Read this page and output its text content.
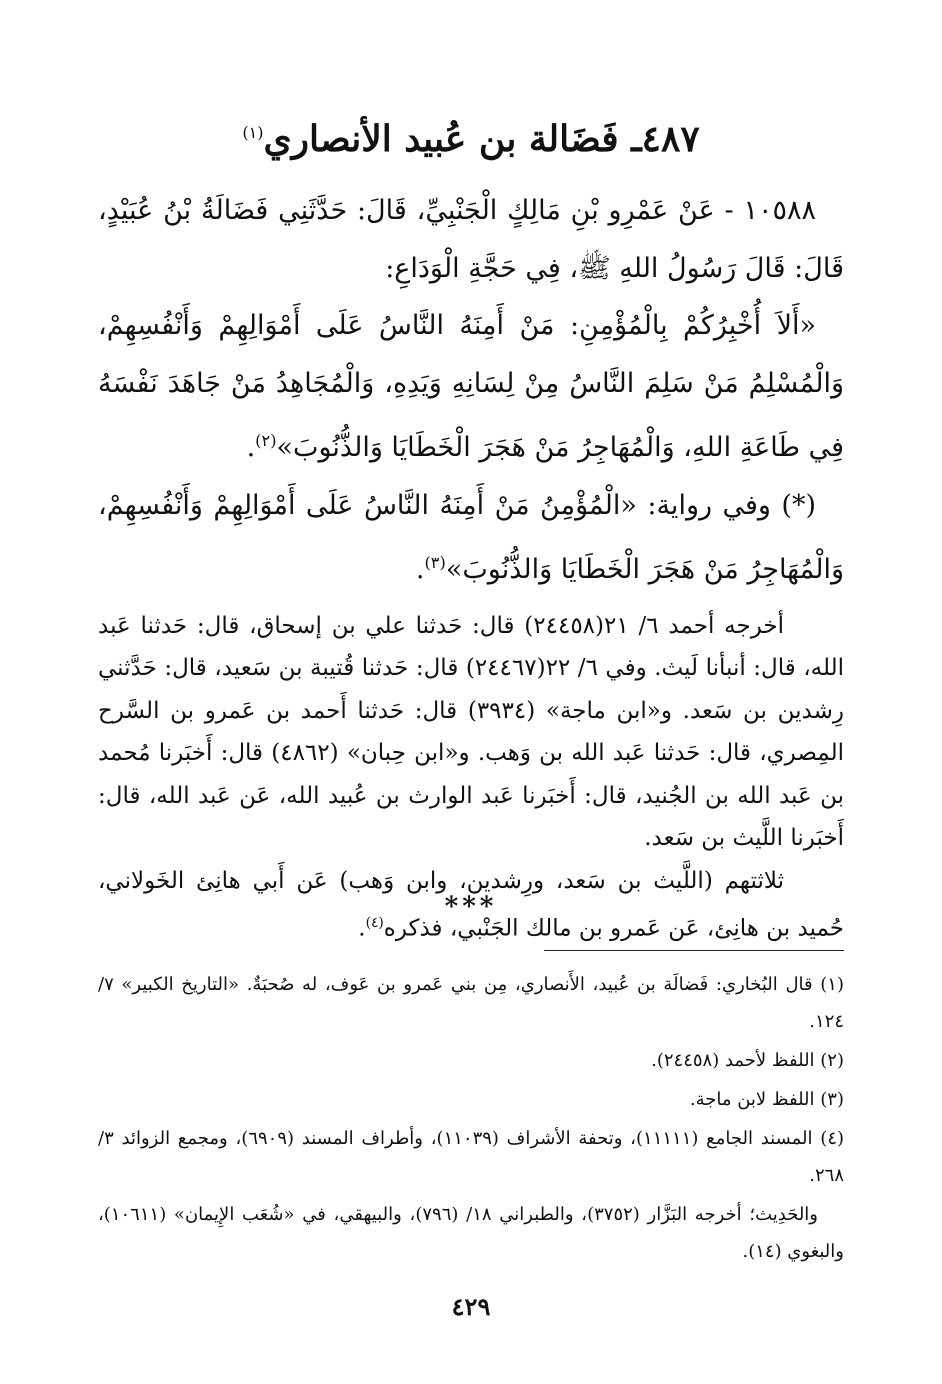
٤٨٧ـ فَضَالة بن عُبيد الأنصاري$^{(١)}$

١٠٥٨٨ - عَنْ عَمْرِو بْنِ مَالِكٍ الْجَنْبِيِّ، قَالَ: حَدَّثَنِي فَضَالَةُ بْنُ عُبَيْدٍ، قَالَ: قَالَ رَسُولُ اللهِ ﷺ، فِي حَجَّةِ الْوَدَاعِ:

«أَلاَ أُخْبِرُكُمْ بِالْمُؤْمِنِ: مَنْ أَمِنَهُ النَّاسُ عَلَى أَمْوَالِهِمْ وَأَنْفُسِهِمْ، وَالْمُسْلِمُ مَنْ سَلِمَ النَّاسُ مِنْ لِسَانِهِ وَيَدِهِ، وَالْمُجَاهِدُ مَنْ جَاهَدَ نَفْسَهُ فِي طَاعَةِ اللهِ، وَالْمُهَاجِرُ مَنْ هَجَرَ الْخَطَايَا وَالذُّنُوبَ»$^{(٢)}$.

(*) وفي رواية: «الْمُؤْمِنُ مَنْ أَمِنَهُ النَّاسُ عَلَى أَمْوَالِهِمْ وَأَنْفُسِهِمْ، وَالْمُهَاجِرُ مَنْ هَجَرَ الْخَطَايَا وَالذُّنُوبَ»$^{(٣)}$.

أخرجه أحمد ٦/ ٢١(٢٤٤٥٨) قال: حَدثنا علي بن إسحاق، قال: حَدثنا عَبد الله، قال: أنبأنا لَيث. وفي ٦/ ٢٢(٢٤٤٦٧) قال: حَدثنا قُتيبة بن سَعيد، قال: حَدَّثني رِشدين بن سَعد. و«ابن ماجة» (٣٩٣٤) قال: حَدثنا أَحمد بن عَمرو بن السَّرح المِصري، قال: حَدثنا عَبد الله بن وَهب. و«ابن حِبان» (٤٨٦٢) قال: أَخبَرنا مُحمد بن عَبد الله بن الجُنيد، قال: أَخبَرنا عَبد الوارث بن عُبيد الله، عَن عَبد الله، قال: أَخبَرنا اللَّيث بن سَعد.

ثلاثتهم (اللَّيث بن سَعد، ورِشدين، وابن وَهب) عَن أَبي هانِئ الخَولاني، حُميد بن هانِئ، عَن عَمرو بن مالك الجَنْبي، فذكره$^{(٤)}$.

***

(١) قال البُخاري: فَضالَة بن عُبيد، الأَنصاري، مِن بني عَمرو بن عَوف، له صُحبَةٌ. «التاريخ الكبير» ٧/ ١٢٤.

(٢) اللفظ لأحمد (٢٤٤٥٨).

(٣) اللفظ لابن ماجة.

(٤) المسند الجامع (١١١١١)، وتحفة الأشراف (١١٠٣٩)، وأطراف المسند (٦٩٠٩)، ومجمع الزوائد ٣/ ٢٦٨.

والحَدِيث؛ أخرجه البَزَّار (٣٧٥٢)، والطبراني ١٨/ (٧٩٦)، والبيهقي، في «شُعَب الإِيمان» (١٠٦١١)، والبغوي (١٤).

٤٢٩
